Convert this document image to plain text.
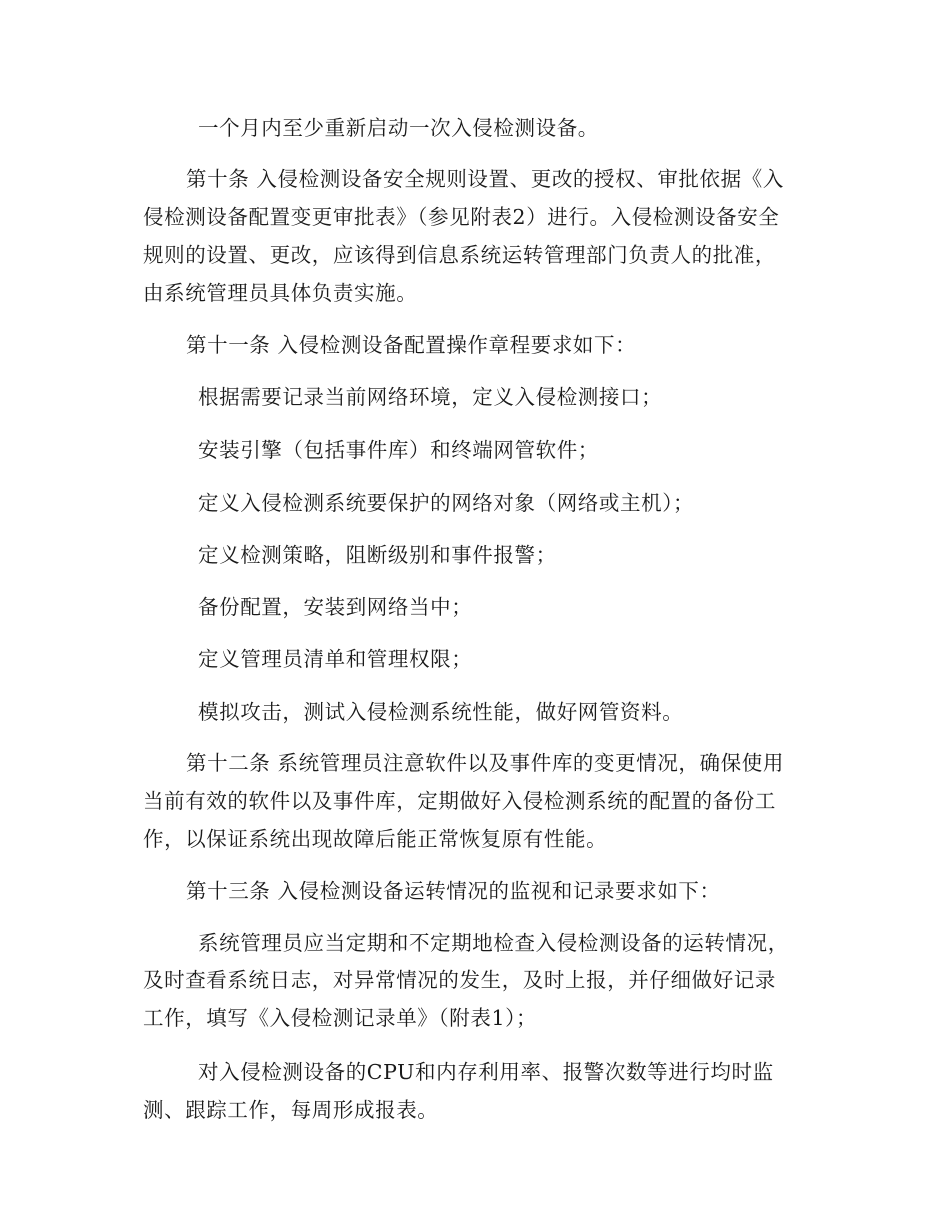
一个月内至少重新启动一次入侵检测设备。
第十条 入侵检测设备安全规则设置、更改的授权、审批依据《入
侵检测设备配置变更审批表》（参见附表2）进行。入侵检测设备安全
规则的设置、更改，应该得到信息系统运转管理部门负责人的批准，
由系统管理员具体负责实施。
第十一条 入侵检测设备配置操作章程要求如下：
根据需要记录当前网络环境，定义入侵检测接口；
安装引擎（包括事件库）和终端网管软件；
定义入侵检测系统要保护的网络对象（网络或主机）；
定义检测策略，阻断级别和事件报警；
备份配置，安装到网络当中；
定义管理员清单和管理权限；
模拟攻击，测试入侵检测系统性能，做好网管资料。
第十二条 系统管理员注意软件以及事件库的变更情况，确保使用
当前有效的软件以及事件库，定期做好入侵检测系统的配置的备份工
作，以保证系统出现故障后能正常恢复原有性能。
第十三条 入侵检测设备运转情况的监视和记录要求如下：
系统管理员应当定期和不定期地检查入侵检测设备的运转情况，
及时查看系统日志，对异常情况的发生，及时上报，并仔细做好记录
工作，填写《入侵检测记录单》（附表1）；
对入侵检测设备的CPU和内存利用率、报警次数等进行均时监
测、跟踪工作，每周形成报表。
